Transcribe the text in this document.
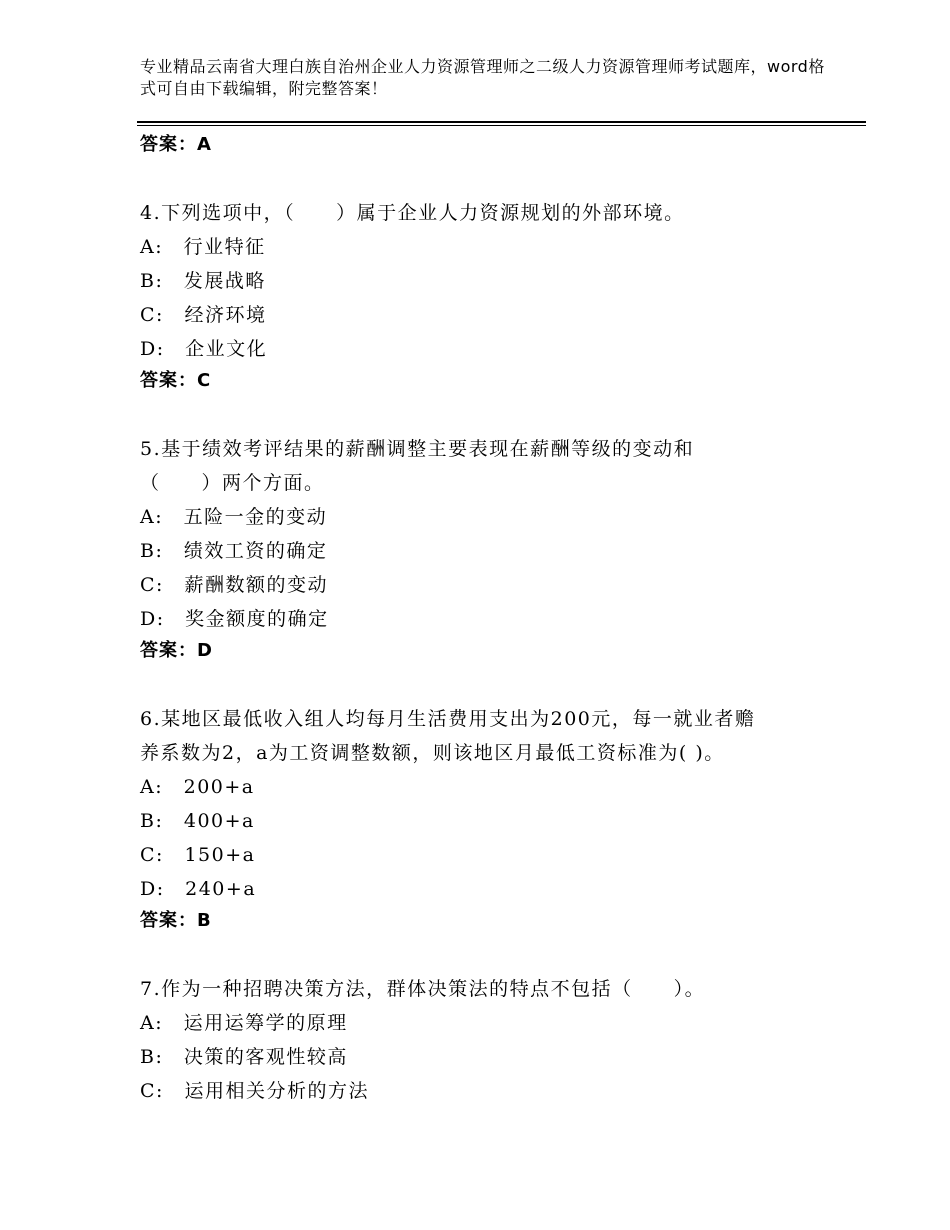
专业精品云南省大理白族自治州企业人力资源管理师之二级人力资源管理师考试题库，word格式可自由下载编辑，附完整答案！
答案：A
4.下列选项中，（　　）属于企业人力资源规划的外部环境。
A:　行业特征
B:　发展战略
C:　经济环境
D:　企业文化
答案：C
5.基于绩效考评结果的薪酬调整主要表现在薪酬等级的变动和
（　　）两个方面。
A:　五险一金的变动
B:　绩效工资的确定
C:　薪酬数额的变动
D:　奖金额度的确定
答案：D
6.某地区最低收入组人均每月生活费用支出为200元，每一就业者赡
养系数为2，a为工资调整数额，则该地区月最低工资标准为( )。
A:　200+a
B:　400+a
C:　150+a
D:　240+a
答案：B
7.作为一种招聘决策方法，群体决策法的特点不包括（　　）。
A:　运用运筹学的原理
B:　决策的客观性较高
C:　运用相关分析的方法
